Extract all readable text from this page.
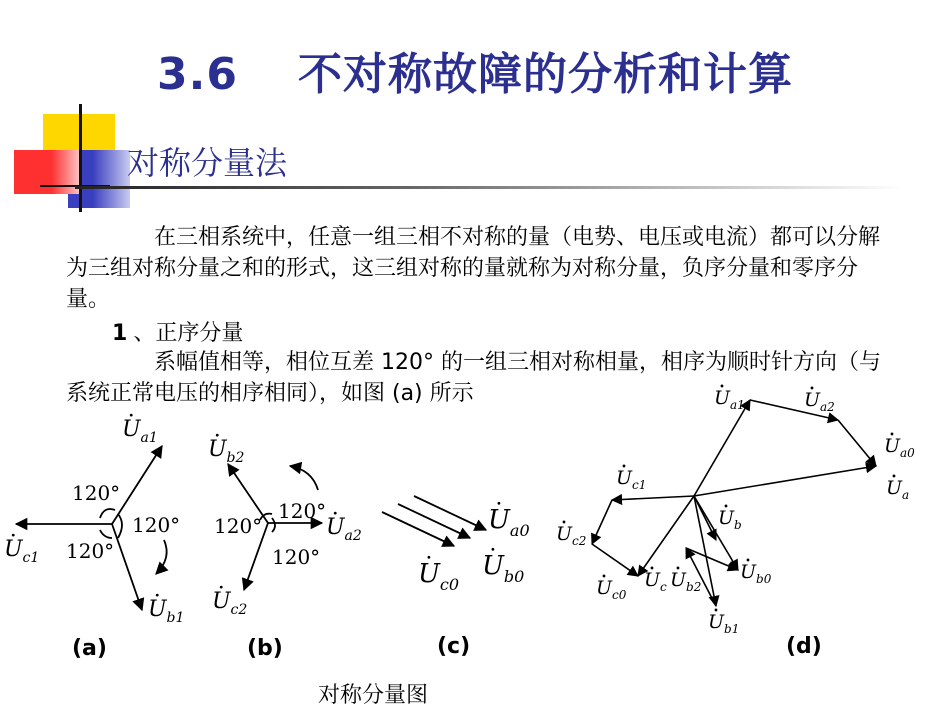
3.6 不对称故障的分析和计算
对称分量法
在三相系统中，任意一组三相不对称的量（电势、电压或电流）都可以分解为三组对称分量之和的形式，这三组对称的量就称为对称分量，负序分量和零序分量。
1 、正序分量
系幅值相等，相位互差 120° 的一组三相对称相量，相序为顺时针方向（与系统正常电压的相序相同），如图 (a) 所示
120°
120°
120°
$U_{a1}$
$U_{c1}$
$U_{b1}$
120°
120°
120°
$U_{b2}$
$U_{a2}$
$U_{c2}$
$U_{a0}$
$U_{b0}$
$U_{c0}$
$U_{a1}$	$U_{a2}$
$U_{a0}$
$U_a$
$U_{c1}$
$U_{c2}$
$U_b$
$U_{c0}$
$U_c$ $U_{b2}$
$U_{b0}$
$U_{b1}$
(a)	(b)	(c)	(d)
对称分量图
